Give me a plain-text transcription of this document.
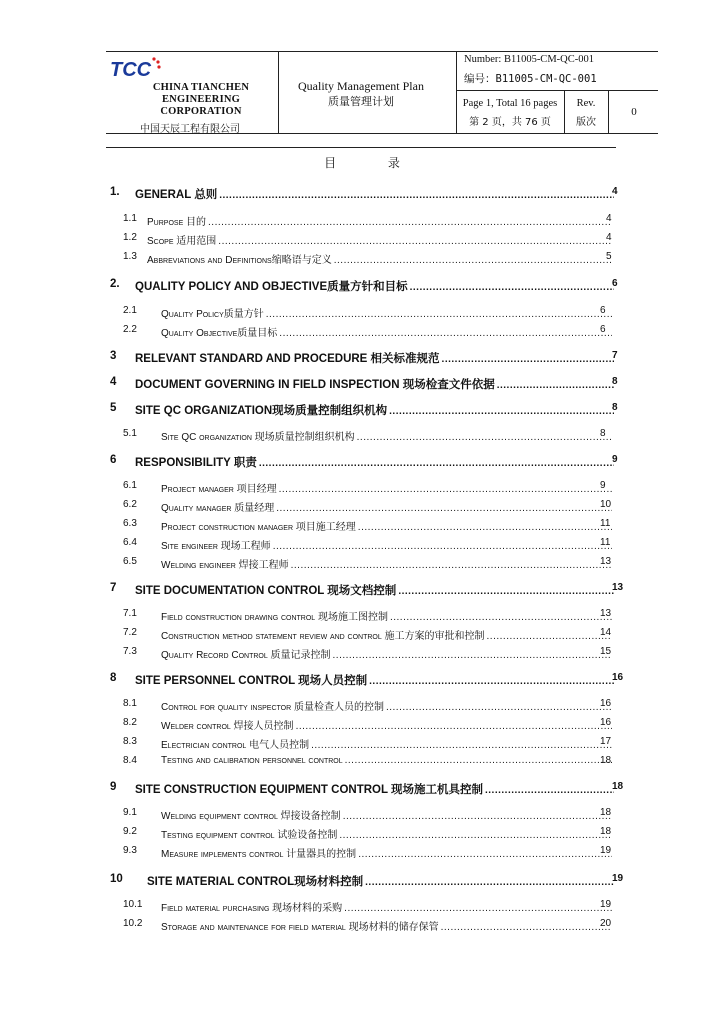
TCC
CHINA TIANCHEN ENGINEERING CORPORATION
中国天辰工程有限公司
Quality Management Plan
质量管理计划
Number: B11005-CM-QC-001
编号：B11005-CM-QC-001
Page 1, Total 16 pages
第 2 页，共 76 页
Rev.
版次
0
目 录
1. GENERAL 总则 .....	4
1.1 Purpose 目的 .....	4
1.2 Scope 适用范围 .....	4
1.3 Abbreviations and Definitions缩略语与定义 .....	5
2. QUALITY POLICY AND OBJECTIVE质量方针和目标 .....	6
2.1 Quality Policy质量方针 .....	6
2.2 Quality Objective质量目标 .....	6
3 RELEVANT STANDARD AND PROCEDURE 相关标准规范 .....	7
4 DOCUMENT GOVERNING IN FIELD INSPECTION 现场检查文件依据 .....	8
5 SITE QC ORGANIZATION现场质量控制组织机构 .....	8
5.1 Site QC organization 现场质量控制组织机构 .....	8
6 RESPONSIBILITY 职责 .....	9
6.1 Project manager 项目经理 .....	9
6.2 Quality manager 质量经理 .....	10
6.3 Project construction manager 项目施工经理 .....	11
6.4 Site engineer 现场工程师 .....	11
6.5 Welding engineer 焊接工程师 .....	13
7 SITE DOCUMENTATION CONTROL 现场文档控制 .....	13
7.1 Field construction drawing control 现场施工图控制 .....	13
7.2 Construction method statement review and control 施工方案的审批和控制 .....	14
7.3 Quality Record Control 质量记录控制 .....	15
8 SITE PERSONNEL CONTROL 现场人员控制 .....	16
8.1 Control for quality inspector 质量检查人员的控制 .....	16
8.2 Welder control 焊接人员控制 .....	16
8.3 Electrician control 电气人员控制 .....	17
8.4 Testing and calibration personnel control .....	18
9 SITE CONSTRUCTION EQUIPMENT CONTROL 现场施工机具控制 .....	18
9.1 Welding equipment control 焊接设备控制 .....	18
9.2 Testing equipment control 试验设备控制 .....	18
9.3 Measure implements control 计量器具的控制 .....	19
10 SITE MATERIAL CONTROL现场材料控制 .....	19
10.1 Field material purchasing 现场材料的采购 .....	19
10.2 Storage and maintenance for field material 现场材料的储存保管 .....	20
